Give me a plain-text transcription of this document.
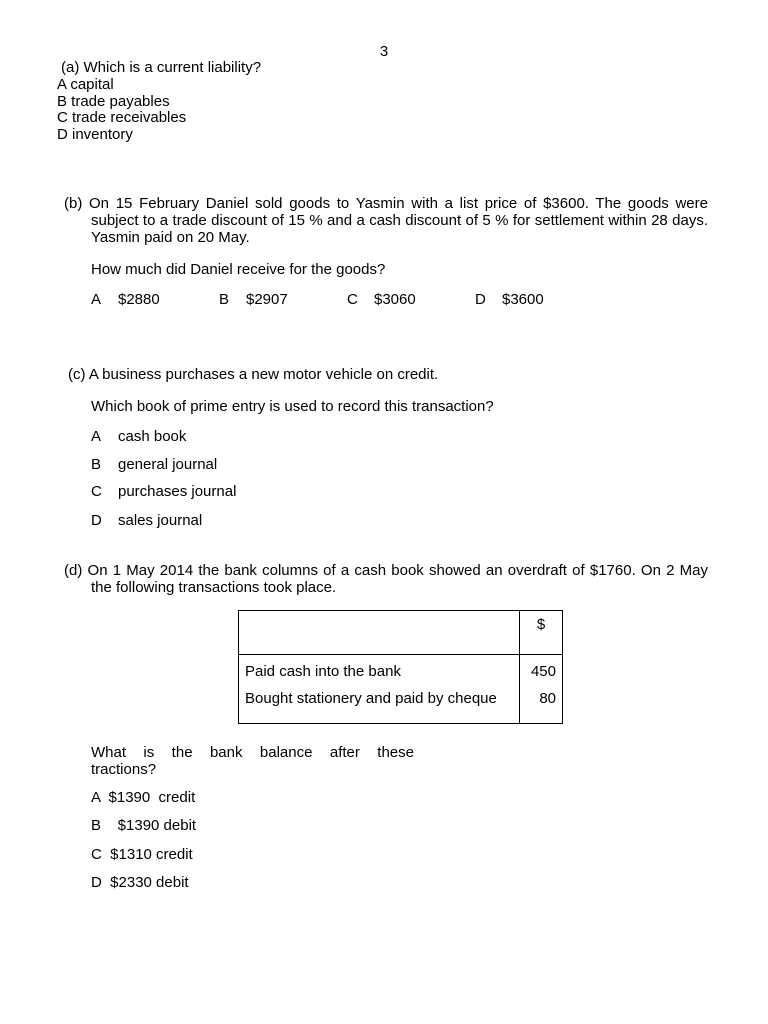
3
(a) Which is a current liability?
A capital
B trade payables
C trade receivables
D inventory
(b) On 15 February Daniel sold goods to Yasmin with a list price of $3600. The goods were subject to a trade discount of 15 % and a cash discount of 5 % for settlement within 28 days. Yasmin paid on 20 May.
How much did Daniel receive for the goods?
A $2880	B $2907	C $3060	D $3600
(c) A business purchases a new motor vehicle on credit.
Which book of prime entry is used to record this transaction?
A cash book
B general journal
C purchases journal
D sales journal
(d) On 1 May 2014 the bank columns of a cash book showed an overdraft of $1760. On 2 May the following transactions took place.
	$
Paid cash into the bank	450
Bought stationery and paid by cheque	80
What is the bank balance after these
tractions?
A  $1390  credit
B    $1390 debit
C  $1310 credit
D  $2330 debit
